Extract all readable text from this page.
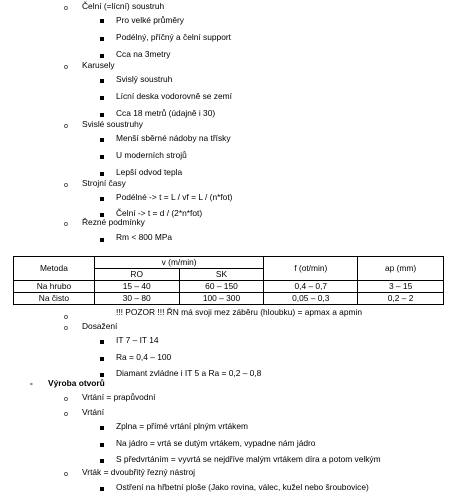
o Čelní (=lícní) soustruh
Pro velké průměry
Podélný, příčný a čelní support
Cca na 3metry
o Karusely
Svislý soustruh
Lícní deska vodorovně se zemí
Cca 18 metrů (údajně i 30)
o Svislé soustruhy
Menší sběrné nádoby na třísky
U moderních strojů
Lepší odvod tepla
o Strojní časy
Podélné -> t = L / vf = L / (n*fot)
Čelní -> t = d / (2*n*fot)
o Řezné podmínky
Rm < 800 MPa
Metoda	v (m/min)		f (ot/min)	ap (mm)
	RO	SK		
Na hrubo	15 – 40	60 – 150	0,4 – 0,7	3 – 15
Na čisto	30 – 80	100 – 300	0,05 – 0,3	0,2 – 2
o
!!! POZOR !!! ŘN má svoji mez záběru (hloubku) = apmax a apmin
o Dosažení
IT 7 – IT 14
Ra = 0,4 – 100
Diamant zvládne i IT 5 a Ra = 0,2 – 0,8
- Výroba otvorů
o Vrtání = prapůvodní
o Vrtání
Zplna = přímé vrtání plným vrtákem
Na jádro = vrtá se dutým vrtákem, vypadne nám jádro
S předvrtáním = vyvrtá se nejdříve malým vrtákem díra a potom velkým
o Vrták = dvoubřitý řezný nástroj
Ostření na hřbetní ploše (Jako rovina, válec, kužel nebo šroubovice)
